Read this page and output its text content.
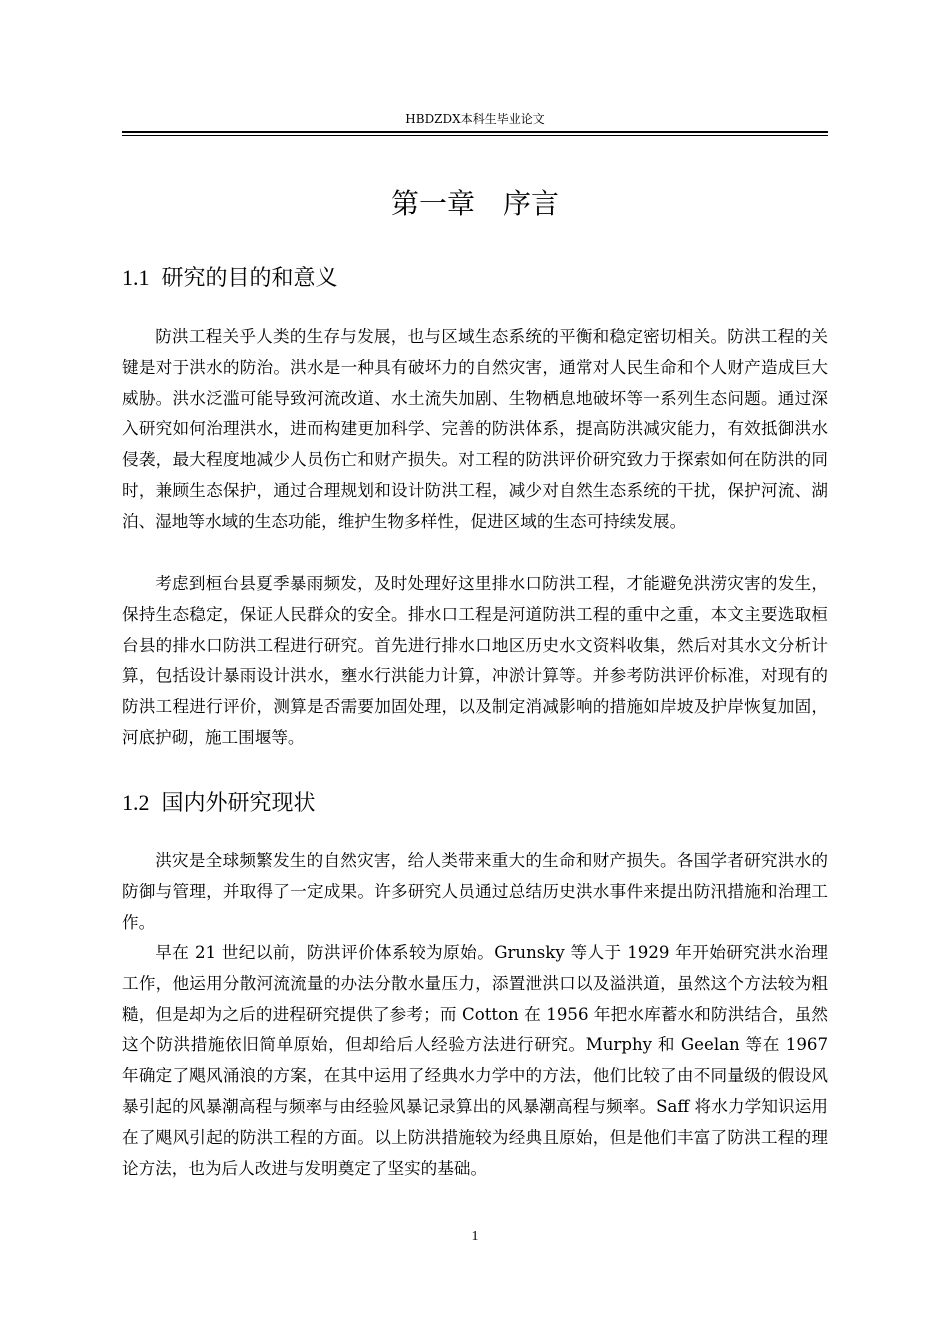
HBDZDX本科生毕业论文
第一章　序言
1.1 研究的目的和意义

防洪工程关乎人类的生存与发展，也与区域生态系统的平衡和稳定密切相关。防洪工程的关键是对于洪水的防治。洪水是一种具有破坏力的自然灾害，通常对人民生命和个人财产造成巨大威胁。洪水泛滥可能导致河流改道、水土流失加剧、生物栖息地破坏等一系列生态问题。通过深入研究如何治理洪水，进而构建更加科学、完善的防洪体系，提高防洪减灾能力，有效抵御洪水侵袭，最大程度地减少人员伤亡和财产损失。对工程的防洪评价研究致力于探索如何在防洪的同时，兼顾生态保护，通过合理规划和设计防洪工程，减少对自然生态系统的干扰，保护河流、湖泊、湿地等水域的生态功能，维护生物多样性，促进区域的生态可持续发展。

考虑到桓台县夏季暴雨频发，及时处理好这里排水口防洪工程，才能避免洪涝灾害的发生，保持生态稳定，保证人民群众的安全。排水口工程是河道防洪工程的重中之重，本文主要选取桓台县的排水口防洪工程进行研究。首先进行排水口地区历史水文资料收集，然后对其水文分析计算，包括设计暴雨设计洪水，壅水行洪能力计算，冲淤计算等。并参考防洪评价标准，对现有的防洪工程进行评价，测算是否需要加固处理，以及制定消减影响的措施如岸坡及护岸恢复加固，河底护砌，施工围堰等。

1.2 国内外研究现状

洪灾是全球频繁发生的自然灾害，给人类带来重大的生命和财产损失。各国学者研究洪水的防御与管理，并取得了一定成果。许多研究人员通过总结历史洪水事件来提出防汛措施和治理工作。

早在 21 世纪以前，防洪评价体系较为原始。Grunsky 等人于 1929 年开始研究洪水治理工作，他运用分散河流流量的办法分散水量压力，添置泄洪口以及溢洪道，虽然这个方法较为粗糙，但是却为之后的进程研究提供了参考；而 Cotton 在 1956 年把水库蓄水和防洪结合，虽然这个防洪措施依旧简单原始，但却给后人经验方法进行研究。Murphy 和 Geelan 等在 1967 年确定了飓风涌浪的方案，在其中运用了经典水力学中的方法，他们比较了由不同量级的假设风暴引起的风暴潮高程与频率与由经验风暴记录算出的风暴潮高程与频率。Saff 将水力学知识运用在了飓风引起的防洪工程的方面。以上防洪措施较为经典且原始，但是他们丰富了防洪工程的理论方法，也为后人改进与发明奠定了坚实的基础。

1
